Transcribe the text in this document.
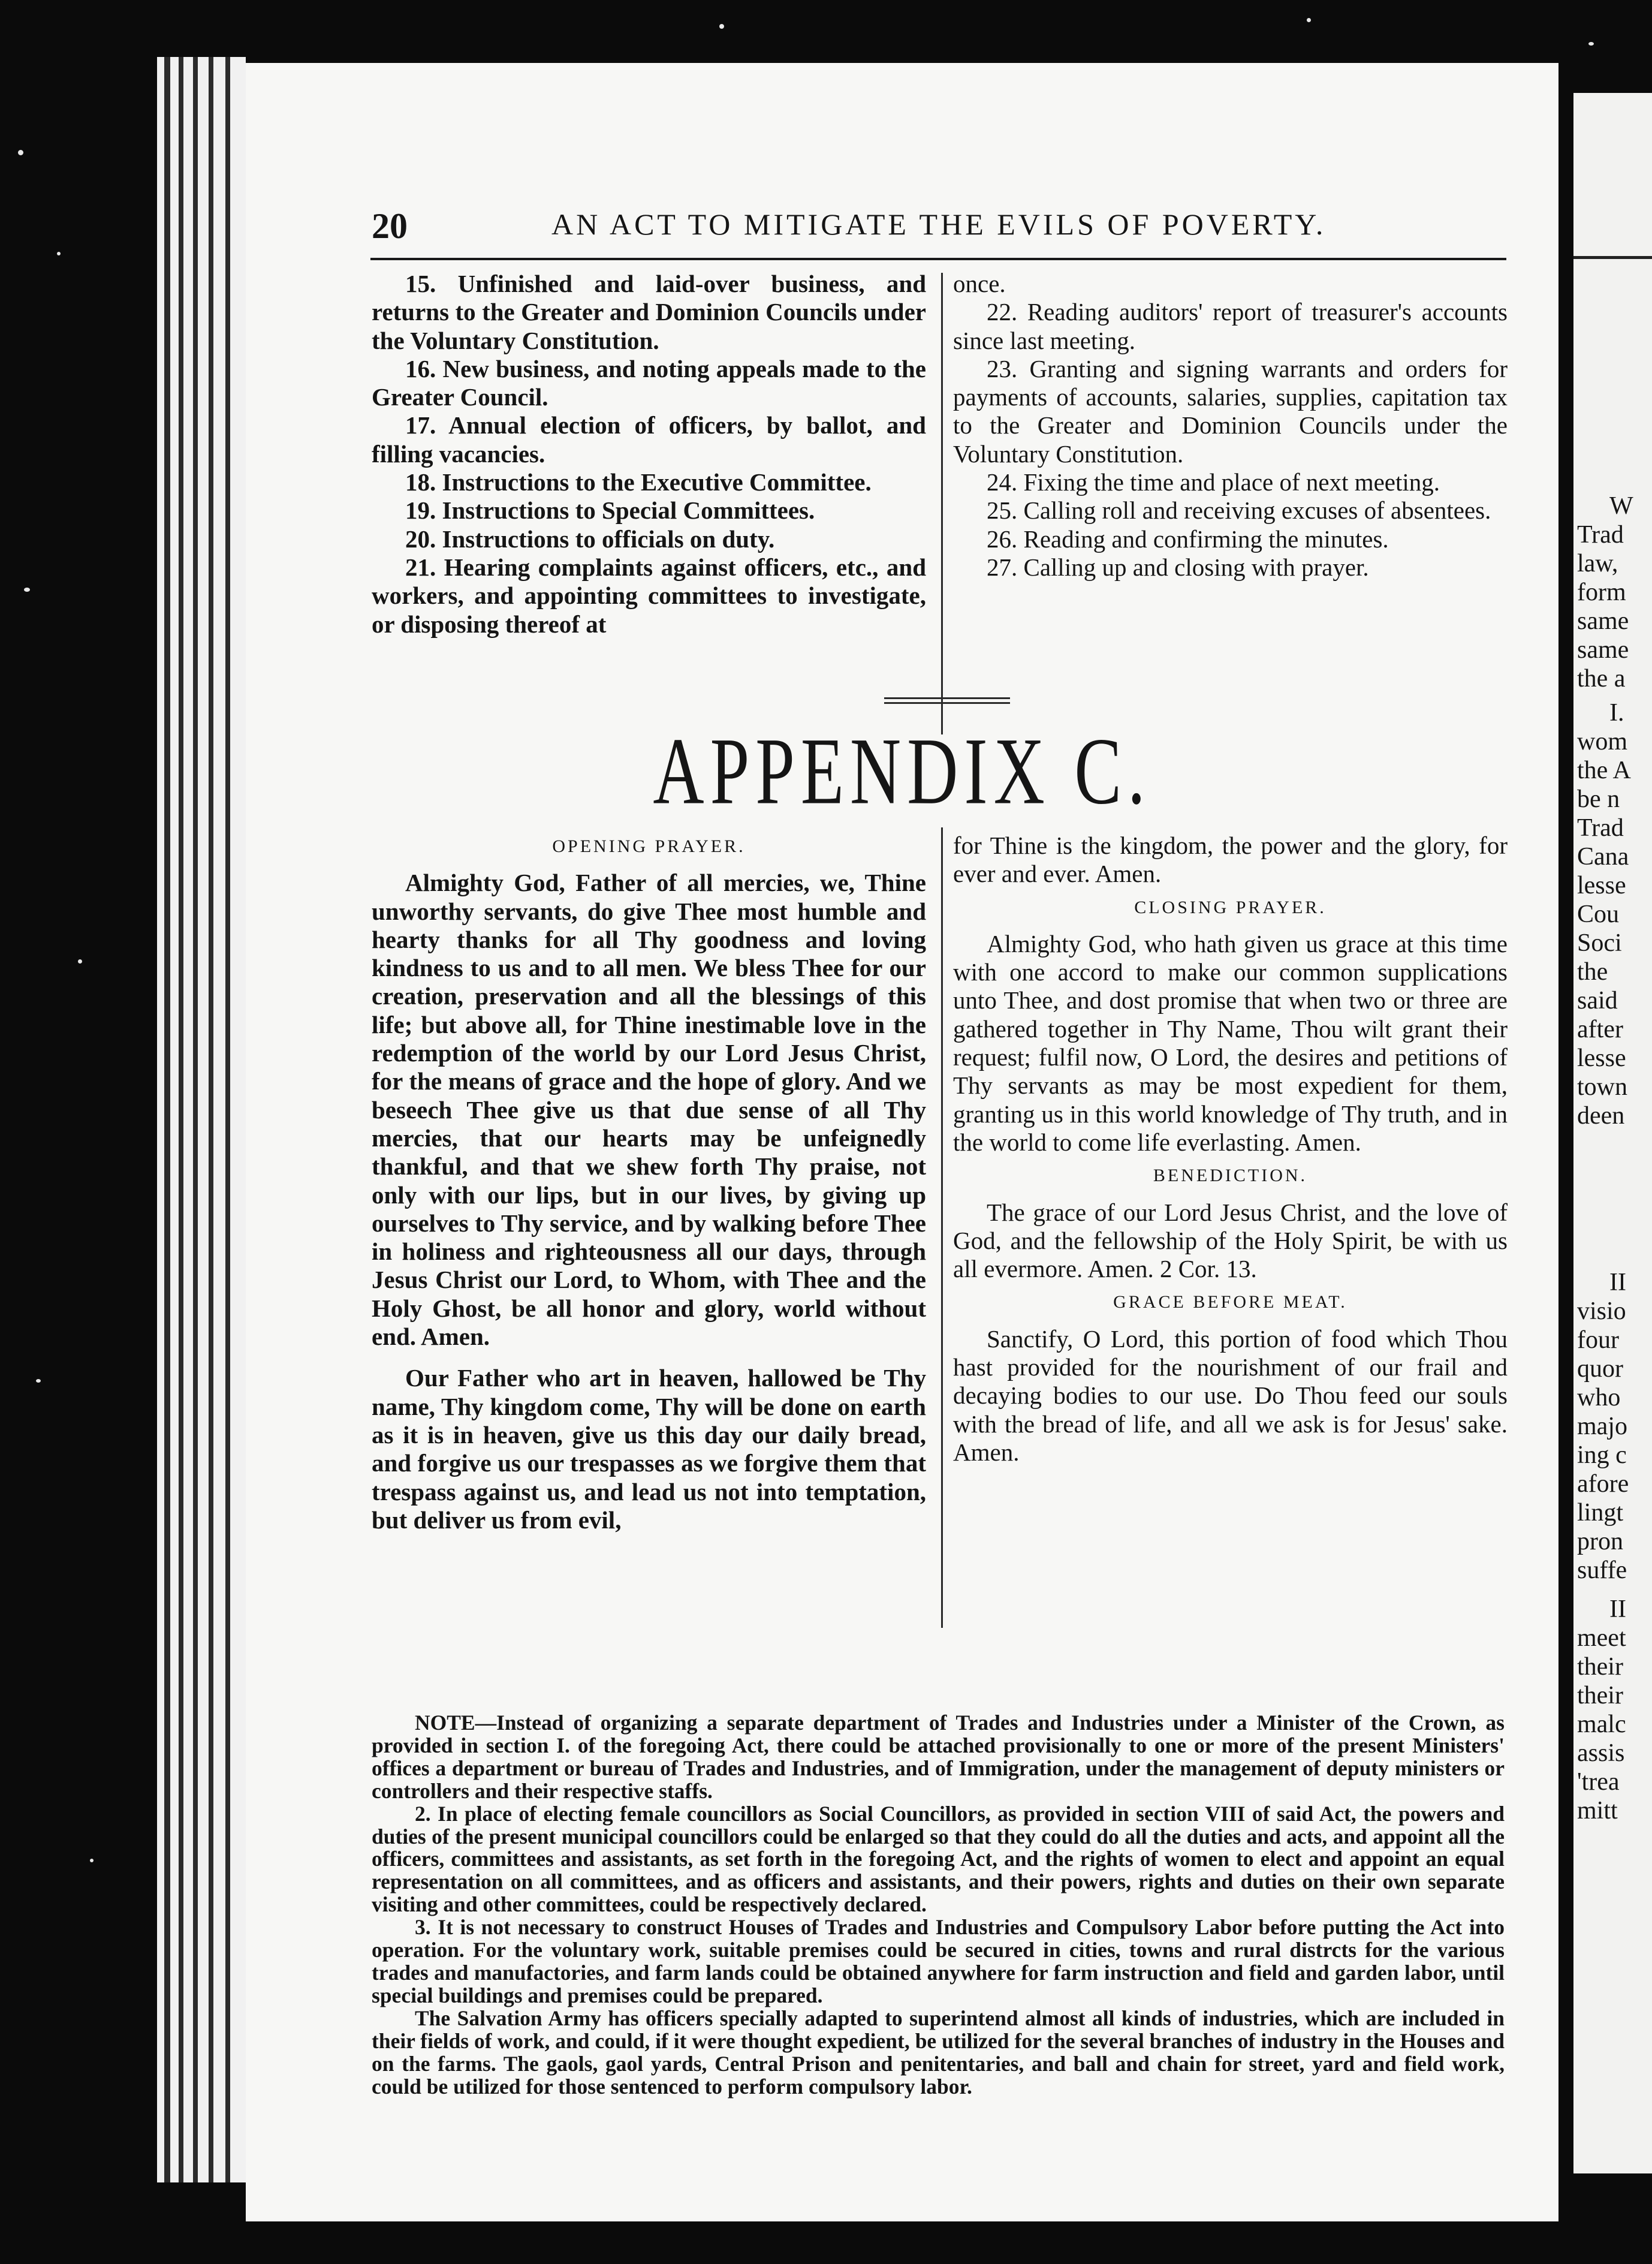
W
Trad
law,
form
same
same
the a
I.
wom
the A
be n
Trad
Cana
lesse
Cou
Soci
the
said
after
lesse
town
deen
II
visio
four
quor
who
majo
ing c
afore
lingt
pron
suffe
II
meet
their
their
malc
assis
'trea
mitt
20	AN ACT TO MITIGATE THE EVILS OF POVERTY.

15. Unfinished and laid-over business, and returns to the Greater and Dominion Councils under the Voluntary Constitution.

16. New business, and noting appeals made to the Greater Council.

17. Annual election of officers, by ballot, and filling vacancies.

18. Instructions to the Executive Committee.

19. Instructions to Special Committees.

20. Instructions to officials on duty.

21. Hearing complaints against officers, etc., and workers, and appointing committees to investigate, or disposing thereof at

once.

22. Reading auditors' report of treasurer's accounts since last meeting.

23. Granting and signing warrants and orders for payments of accounts, salaries, supplies, capitation tax to the Greater and Dominion Councils under the Voluntary Constitution.

24. Fixing the time and place of next meeting.

25. Calling roll and receiving excuses of absentees.

26. Reading and confirming the minutes.

27. Calling up and closing with prayer.

APPENDIX C.
OPENING PRAYER.

Almighty God, Father of all mercies, we, Thine unworthy servants, do give Thee most humble and hearty thanks for all Thy goodness and loving kindness to us and to all men. We bless Thee for our creation, preservation and all the blessings of this life; but above all, for Thine inestimable love in the redemption of the world by our Lord Jesus Christ, for the means of grace and the hope of glory. And we beseech Thee give us that due sense of all Thy mercies, that our hearts may be unfeignedly thankful, and that we shew forth Thy praise, not only with our lips, but in our lives, by giving up ourselves to Thy service, and by walking before Thee in holiness and righteousness all our days, through Jesus Christ our Lord, to Whom, with Thee and the Holy Ghost, be all honor and glory, world without end. Amen.

Our Father who art in heaven, hallowed be Thy name, Thy kingdom come, Thy will be done on earth as it is in heaven, give us this day our daily bread, and forgive us our trespasses as we forgive them that trespass against us, and lead us not into temptation, but deliver us from evil,

for Thine is the kingdom, the power and the glory, for ever and ever. Amen.

CLOSING PRAYER.

Almighty God, who hath given us grace at this time with one accord to make our common supplications unto Thee, and dost promise that when two or three are gathered together in Thy Name, Thou wilt grant their request; fulfil now, O Lord, the desires and petitions of Thy servants as may be most expedient for them, granting us in this world knowledge of Thy truth, and in the world to come life everlasting. Amen.

BENEDICTION.

The grace of our Lord Jesus Christ, and the love of God, and the fellowship of the Holy Spirit, be with us all evermore. Amen. 2 Cor. 13.

GRACE BEFORE MEAT.

Sanctify, O Lord, this portion of food which Thou hast provided for the nourishment of our frail and decaying bodies to our use. Do Thou feed our souls with the bread of life, and all we ask is for Jesus' sake. Amen.

NOTE—Instead of organizing a separate department of Trades and Industries under a Minister of the Crown, as provided in section I. of the foregoing Act, there could be attached provisionally to one or more of the present Ministers' offices a department or bureau of Trades and Industries, and of Immigration, under the management of deputy ministers or controllers and their respective staffs.

2. In place of electing female councillors as Social Councillors, as provided in section VIII of said Act, the powers and duties of the present municipal councillors could be enlarged so that they could do all the duties and acts, and appoint all the officers, committees and assistants, as set forth in the foregoing Act, and the rights of women to elect and appoint an equal representation on all committees, and as officers and assistants, and their powers, rights and duties on their own separate visiting and other committees, could be respectively declared.

3. It is not necessary to construct Houses of Trades and Industries and Compulsory Labor before putting the Act into operation. For the voluntary work, suitable premises could be secured in cities, towns and rural distrcts for the various trades and manufactories, and farm lands could be obtained anywhere for farm instruction and field and garden labor, until special buildings and premises could be prepared.

The Salvation Army has officers specially adapted to superintend almost all kinds of industries, which are included in their fields of work, and could, if it were thought expedient, be utilized for the several branches of industry in the Houses and on the farms. The gaols, gaol yards, Central Prison and penitentaries, and ball and chain for street, yard and field work, could be utilized for those sentenced to perform compulsory labor.
